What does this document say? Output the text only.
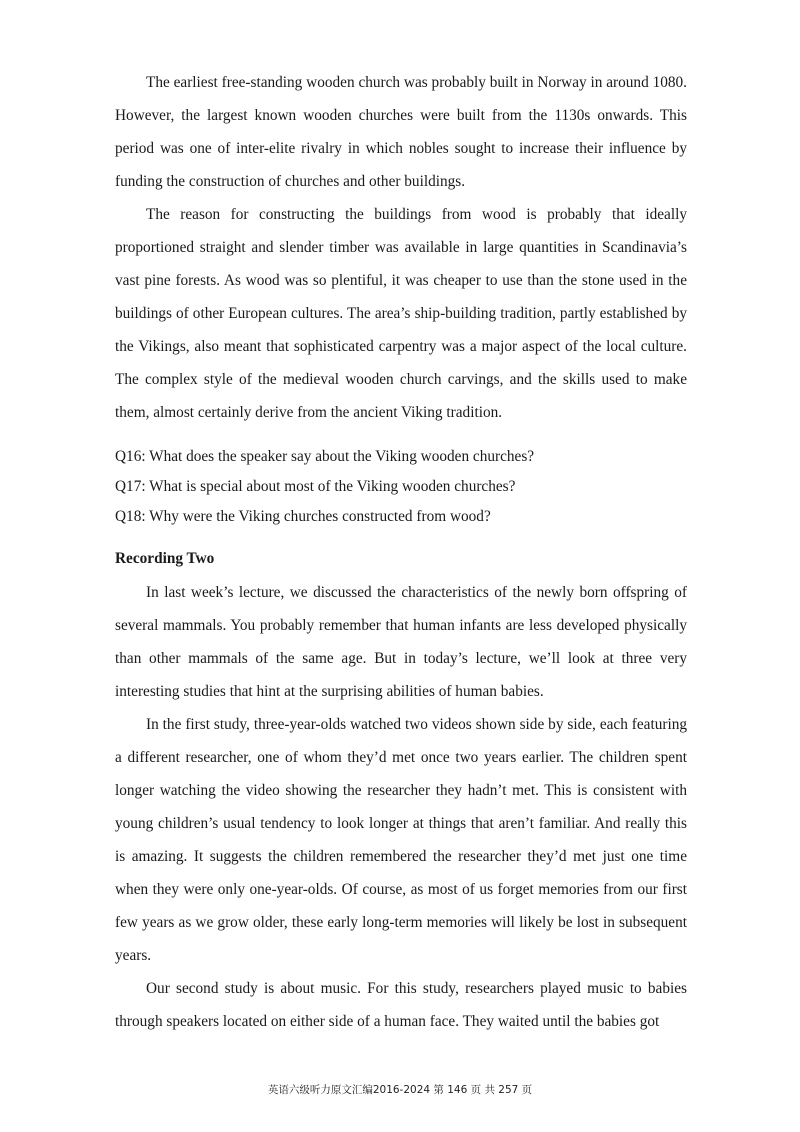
The earliest free-standing wooden church was probably built in Norway in around 1080. However, the largest known wooden churches were built from the 1130s onwards. This period was one of inter-elite rivalry in which nobles sought to increase their influence by funding the construction of churches and other buildings.

The reason for constructing the buildings from wood is probably that ideally proportioned straight and slender timber was available in large quantities in Scandinavia’s vast pine forests. As wood was so plentiful, it was cheaper to use than the stone used in the buildings of other European cultures. The area’s ship-building tradition, partly established by the Vikings, also meant that sophisticated carpentry was a major aspect of the local culture. The complex style of the medieval wooden church carvings, and the skills used to make them, almost certainly derive from the ancient Viking tradition.

Q16: What does the speaker say about the Viking wooden churches?

Q17: What is special about most of the Viking wooden churches?

Q18: Why were the Viking churches constructed from wood?

Recording Two

In last week’s lecture, we discussed the characteristics of the newly born offspring of several mammals. You probably remember that human infants are less developed physically than other mammals of the same age. But in today’s lecture, we’ll look at three very interesting studies that hint at the surprising abilities of human babies.

In the first study, three-year-olds watched two videos shown side by side, each featuring a different researcher, one of whom they’d met once two years earlier. The children spent longer watching the video showing the researcher they hadn’t met. This is consistent with young children’s usual tendency to look longer at things that aren’t familiar. And really this is amazing. It suggests the children remembered the researcher they’d met just one time when they were only one-year-olds. Of course, as most of us forget memories from our first few years as we grow older, these early long-term memories will likely be lost in subsequent years.

Our second study is about music. For this study, researchers played music to babies through speakers located on either side of a human face. They waited until the babies got

英语六级听力原文汇编2016-2024 第 146 页 共 257 页
